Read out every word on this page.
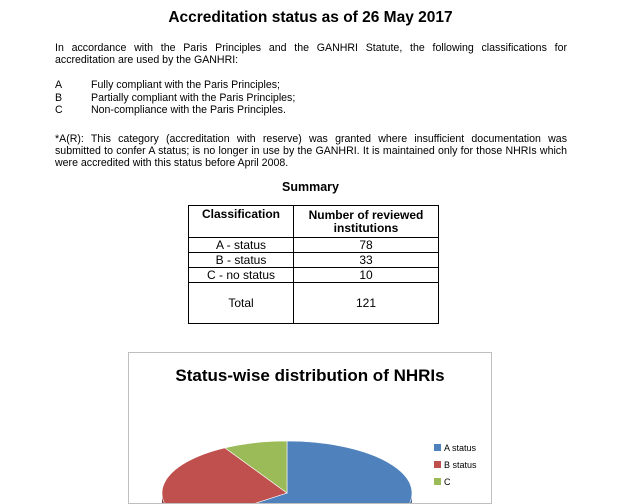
Accreditation status as of 26 May 2017

In accordance with the Paris Principles and the GANHRI Statute, the following classifications for accreditation are used by the GANHRI:

A	Fully compliant with the Paris Principles;
B	Partially compliant with the Paris Principles;
C	Non-compliance with the Paris Principles.

*A(R): This category (accreditation with reserve) was granted where insufficient documentation was submitted to confer A status; is no longer in use by the GANHRI. It is maintained only for those NHRIs which were accredited with this status before April 2008.

Summary
Classification	Number of reviewed institutions
A - status	78
B - status	33
C - no status	10
Total	121
Status-wise distribution of NHRIs
A status
B status
C
